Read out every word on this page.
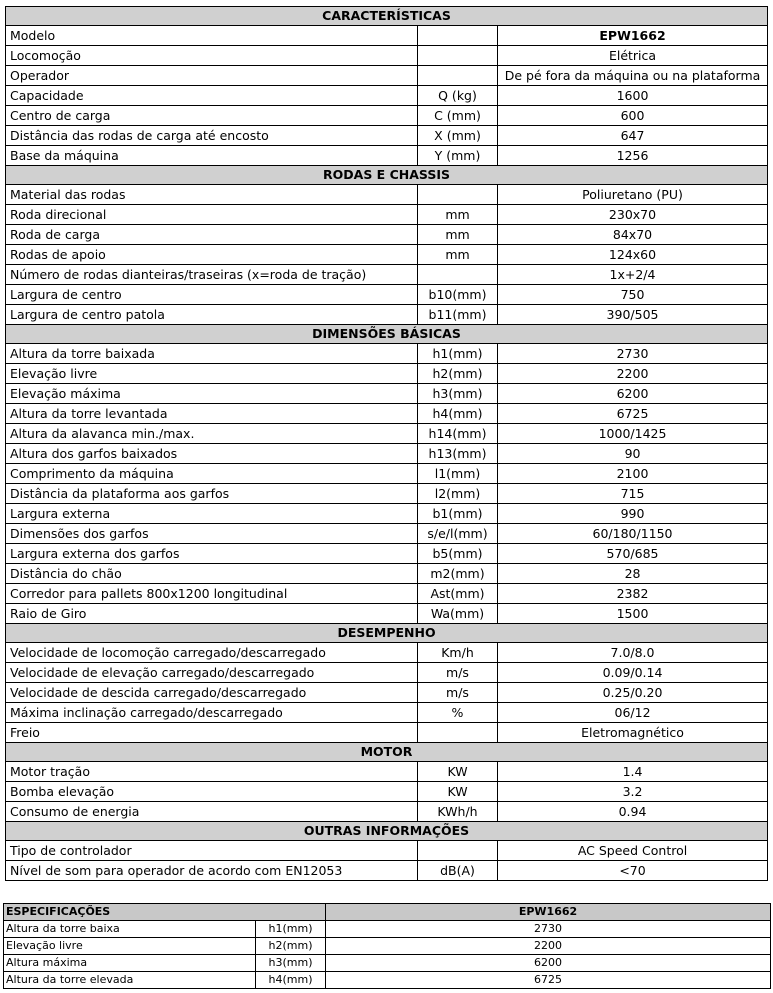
CARACTERÍSTICAS		
Modelo		EPW1662
Locomoção		Elétrica
Operador		De pé fora da máquina ou na plataforma
Capacidade	Q (kg)	1600
Centro de carga	C (mm)	600
Distância das rodas de carga até encosto	X (mm)	647
Base da máquina	Y (mm)	1256
RODAS E CHASSIS		
Material das rodas		Poliuretano (PU)
Roda direcional	mm	230x70
Roda de carga	mm	84x70
Rodas de apoio	mm	124x60
Número de rodas dianteiras/traseiras (x=roda de tração)		1x+2/4
Largura de centro	b10(mm)	750
Largura de centro patola	b11(mm)	390/505
DIMENSÕES BÁSICAS		
Altura da torre baixada	h1(mm)	2730
Elevação livre	h2(mm)	2200
Elevação máxima	h3(mm)	6200
Altura da torre levantada	h4(mm)	6725
Altura da alavanca min./max.	h14(mm)	1000/1425
Altura dos garfos baixados	h13(mm)	90
Comprimento da máquina	l1(mm)	2100
Distância da plataforma aos garfos	l2(mm)	715
Largura externa	b1(mm)	990
Dimensões dos garfos	s/e/l(mm)	60/180/1150
Largura externa dos garfos	b5(mm)	570/685
Distância do chão	m2(mm)	28
Corredor para pallets 800x1200 longitudinal	Ast(mm)	2382
Raio de Giro	Wa(mm)	1500
DESEMPENHO		
Velocidade de locomoção carregado/descarregado	Km/h	7.0/8.0
Velocidade de elevação carregado/descarregado	m/s	0.09/0.14
Velocidade de descida carregado/descarregado	m/s	0.25/0.20
Máxima inclinação carregado/descarregado	%	06/12
Freio		Eletromagnético
MOTOR		
Motor tração	KW	1.4
Bomba elevação	KW	3.2
Consumo de energia	KWh/h	0.94
OUTRAS INFORMAÇÕES		
Tipo de controlador		AC Speed Control
Nível de som para operador de acordo com EN12053	dB(A)	<70
ESPECIFICAÇÕES		EPW1662
Altura da torre baixa	h1(mm)	2730
Elevação livre	h2(mm)	2200
Altura máxima	h3(mm)	6200
Altura da torre elevada	h4(mm)	6725
